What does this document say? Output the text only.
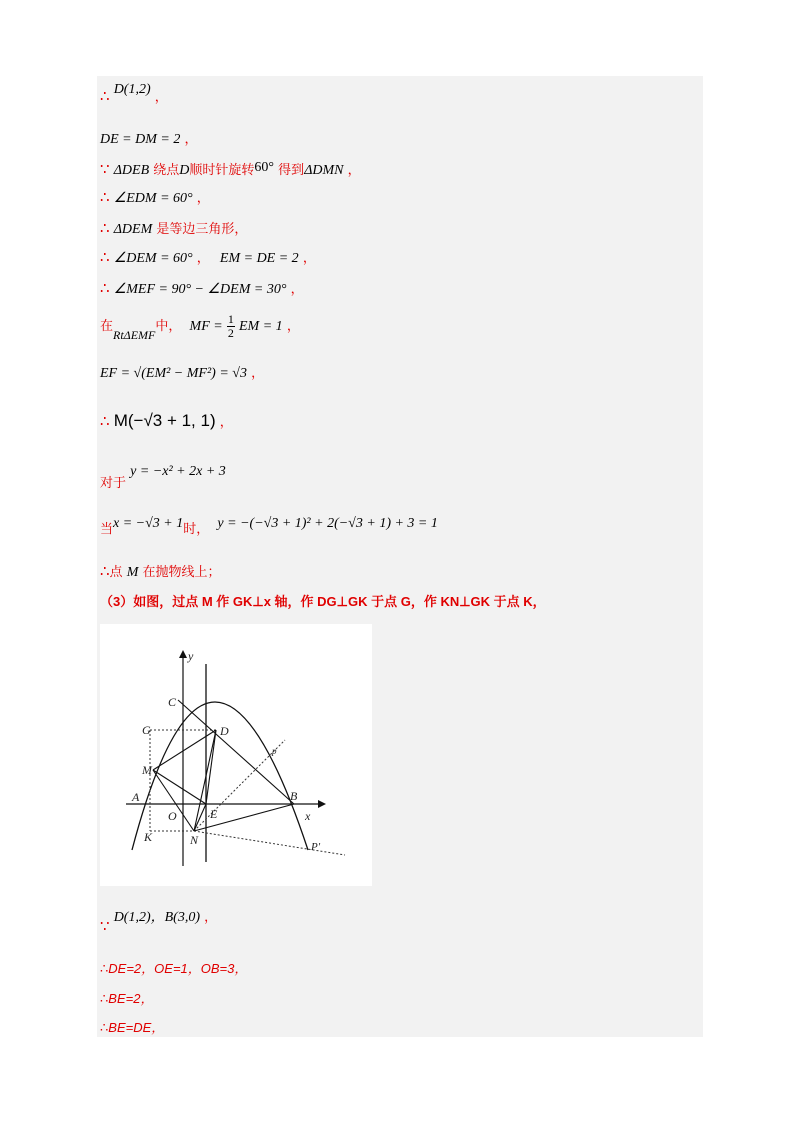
∴ D(1,2) ，
DE = DM = 2 ，
∵ ΔDEB 绕点D顺时针旋转60° 得到ΔDMN ，
∴ ∠EDM = 60° ，
∴ ΔDEM 是等边三角形，
∴ ∠DEM = 60° ， EM = DE = 2 ，
∴ ∠MEF = 90° − ∠DEM = 30° ，
在RtΔEMF中， MF = $\frac{1}{2}$ EM = 1 ，
EF = √(EM² − MF²) = √3 ，
∴ M(−√3 + 1, 1) ，
对于 y = −x² + 2x + 3
当x = −√3 + 1时， y = −(−√3 + 1)² + 2(−√3 + 1) + 3 = 1
∴点 M 在抛物线上；
（3）如图，过点 M 作 GK⊥x 轴，作 DG⊥GK 于点 G，作 KN⊥GK 于点 K，
y
x
C
D
G
M
A
O	E
B
K	N
p
P′
∵ D(1,2)，B(3,0) ，
∴DE=2，OE=1，OB=3，
∴BE=2，
∴BE=DE，
